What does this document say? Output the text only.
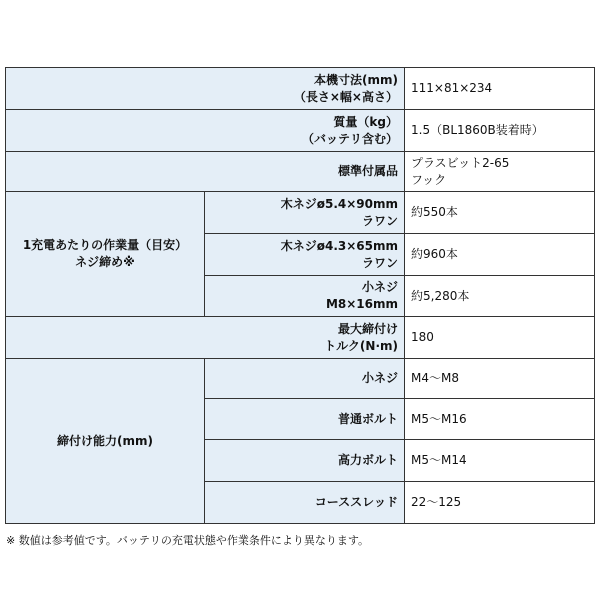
本機寸法(mm)
（長さ×幅×高さ）		111×81×234

質量（kg）
（バッテリ含む）		1.5（BL1860B装着時）
標準付属品		プラスビット2-65
フック

1充電あたりの作業量（目安）
ネジ締め※	木ネジø5.4×90mm
ラワン	約550本

	木ネジø4.3×65mm
ラワン	約960本

	小ネジ
M8×16mm	約5,280本

最大締付け
トルク(N·m)		180
締付け能力(mm)	小ネジ	M4～M8
	普通ボルト	M5～M16
	高力ボルト	M5～M14
	コーススレッド	22～125
※ 数値は参考値です。バッテリの充電状態や作業条件により異なります。
